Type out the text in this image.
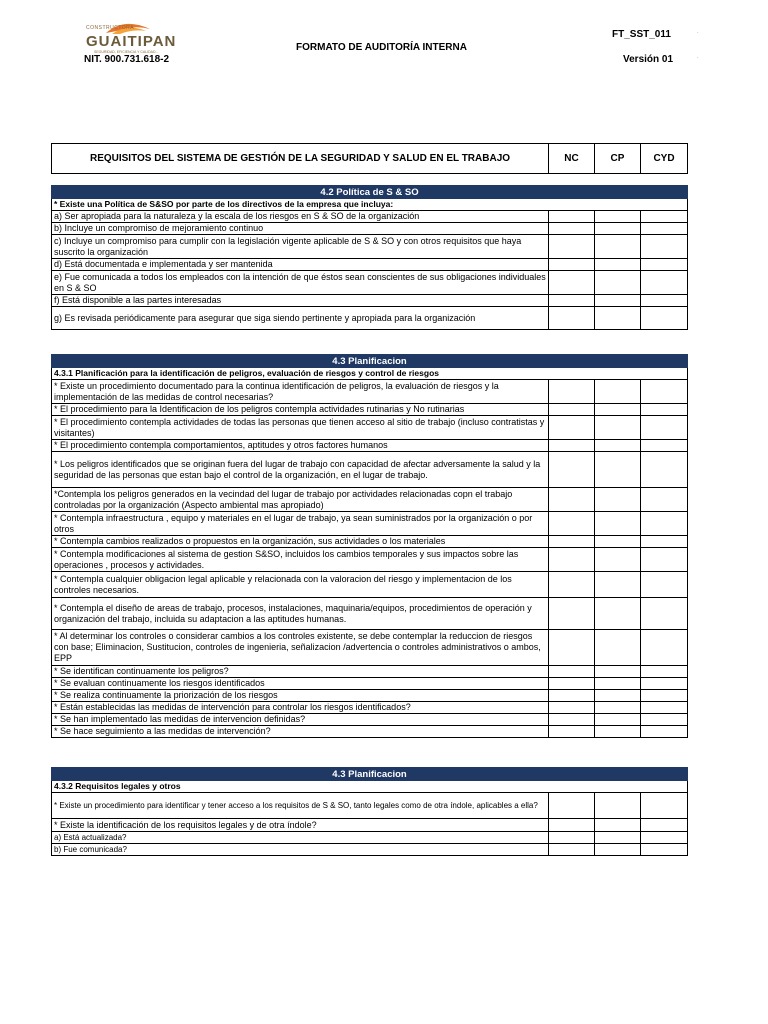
CONSTRUCTORA
GUAITIPAN
SEGURIDAD, EFICIENCIA Y CALIDAD...
NIT. 900.731.618-2
FORMATO DE AUDITORÍA INTERNA
FT_SST_011
Versión 01
.
.
REQUISITOS DEL SISTEMA DE GESTIÓN DE LA SEGURIDAD Y SALUD EN EL TRABAJO	NC	CP	CYD
4.2 Política de S & SO			
* Existe una Política de S&SO por parte de los directivos de la empresa que incluya:			
a) Ser apropiada para la naturaleza y la escala de los riesgos en S & SO de la organización			
b) Incluye un compromiso de mejoramiento continuo			
c) Incluye un compromiso para cumplir con la legislación vigente aplicable de S & SO y con otros requisitos que haya suscrito la organización			
d) Está documentada e implementada y ser mantenida			
e) Fue comunicada a todos los empleados con la intención de que éstos sean conscientes de sus obligaciones individuales en S & SO			
f) Está disponible a las partes interesadas			
g) Es revisada periódicamente para asegurar que siga siendo pertinente y apropiada para la organización			
4.3 Planificacion			
4.3.1 Planificación para la identificación de peligros, evaluación de riesgos y control de riesgos			
* Existe un procedimiento documentado para la continua identificación de peligros, la evaluación de riesgos y la implementación de las medidas de control necesarias?			
* El procedimiento para la Identificacion de los peligros contempla actividades rutinarias y No rutinarias			
* El procedimiento contempla actividades de todas las personas que tienen acceso al sitio de trabajo (incluso contratistas y visitantes)			
* El procedimiento contempla comportamientos, aptitudes y otros factores humanos			
* Los peligros identificados que se originan fuera del lugar de trabajo con capacidad de afectar adversamente la salud y la seguridad de las personas que estan bajo el control de la organización, en el lugar de trabajo.			
*Contempla los peligros generados en la vecindad del lugar de trabajo por actividades relacionadas copn el trabajo controladas por la organización (Aspecto ambiental mas apropiado)			
* Contempla infraestructura , equipo y materiales en el lugar de trabajo, ya sean suministrados por la organización o por otros			
* Contempla cambios realizados o propuestos en la organización, sus actividades o los materiales			
* Contempla modificaciones al sistema de gestion S&SO, incluidos los cambios temporales y sus impactos sobre las operaciones , procesos y actividades.			
* Contempla cualquier obligacion legal aplicable y relacionada con la valoracion del riesgo y implementacion de los controles necesarios.			
* Contempla el diseño de areas de trabajo, procesos, instalaciones, maquinaria/equipos, procedimientos de operación y organización del trabajo, incluida su adaptacion a las aptitudes humanas.			
* Al determinar los controles o considerar cambios a los controles existente, se debe contemplar la reduccion de riesgos con base; Eliminacion, Sustitucion, controles de ingenieria, señalizacion /advertencia o controles administrativos o ambos, EPP			
* Se identifican continuamente los peligros?			
* Se evaluan continuamente los riesgos identificados			
* Se realiza continuamente la priorización de los riesgos			
* Están establecidas las medidas de intervención para controlar los riesgos identificados?			
* Se han implementado las medidas de intervencion definidas?			
* Se hace seguimiento a las medidas de intervención?			
4.3 Planificacion			
4.3.2 Requisitos legales y otros			
* Existe un procedimiento para identificar y tener acceso a los requisitos de S & SO, tanto legales como de otra índole, aplicables a ella?			
* Existe la identificación de los requisitos legales y de otra índole?			
a) Está actualizada?			
b) Fue comunicada?			
